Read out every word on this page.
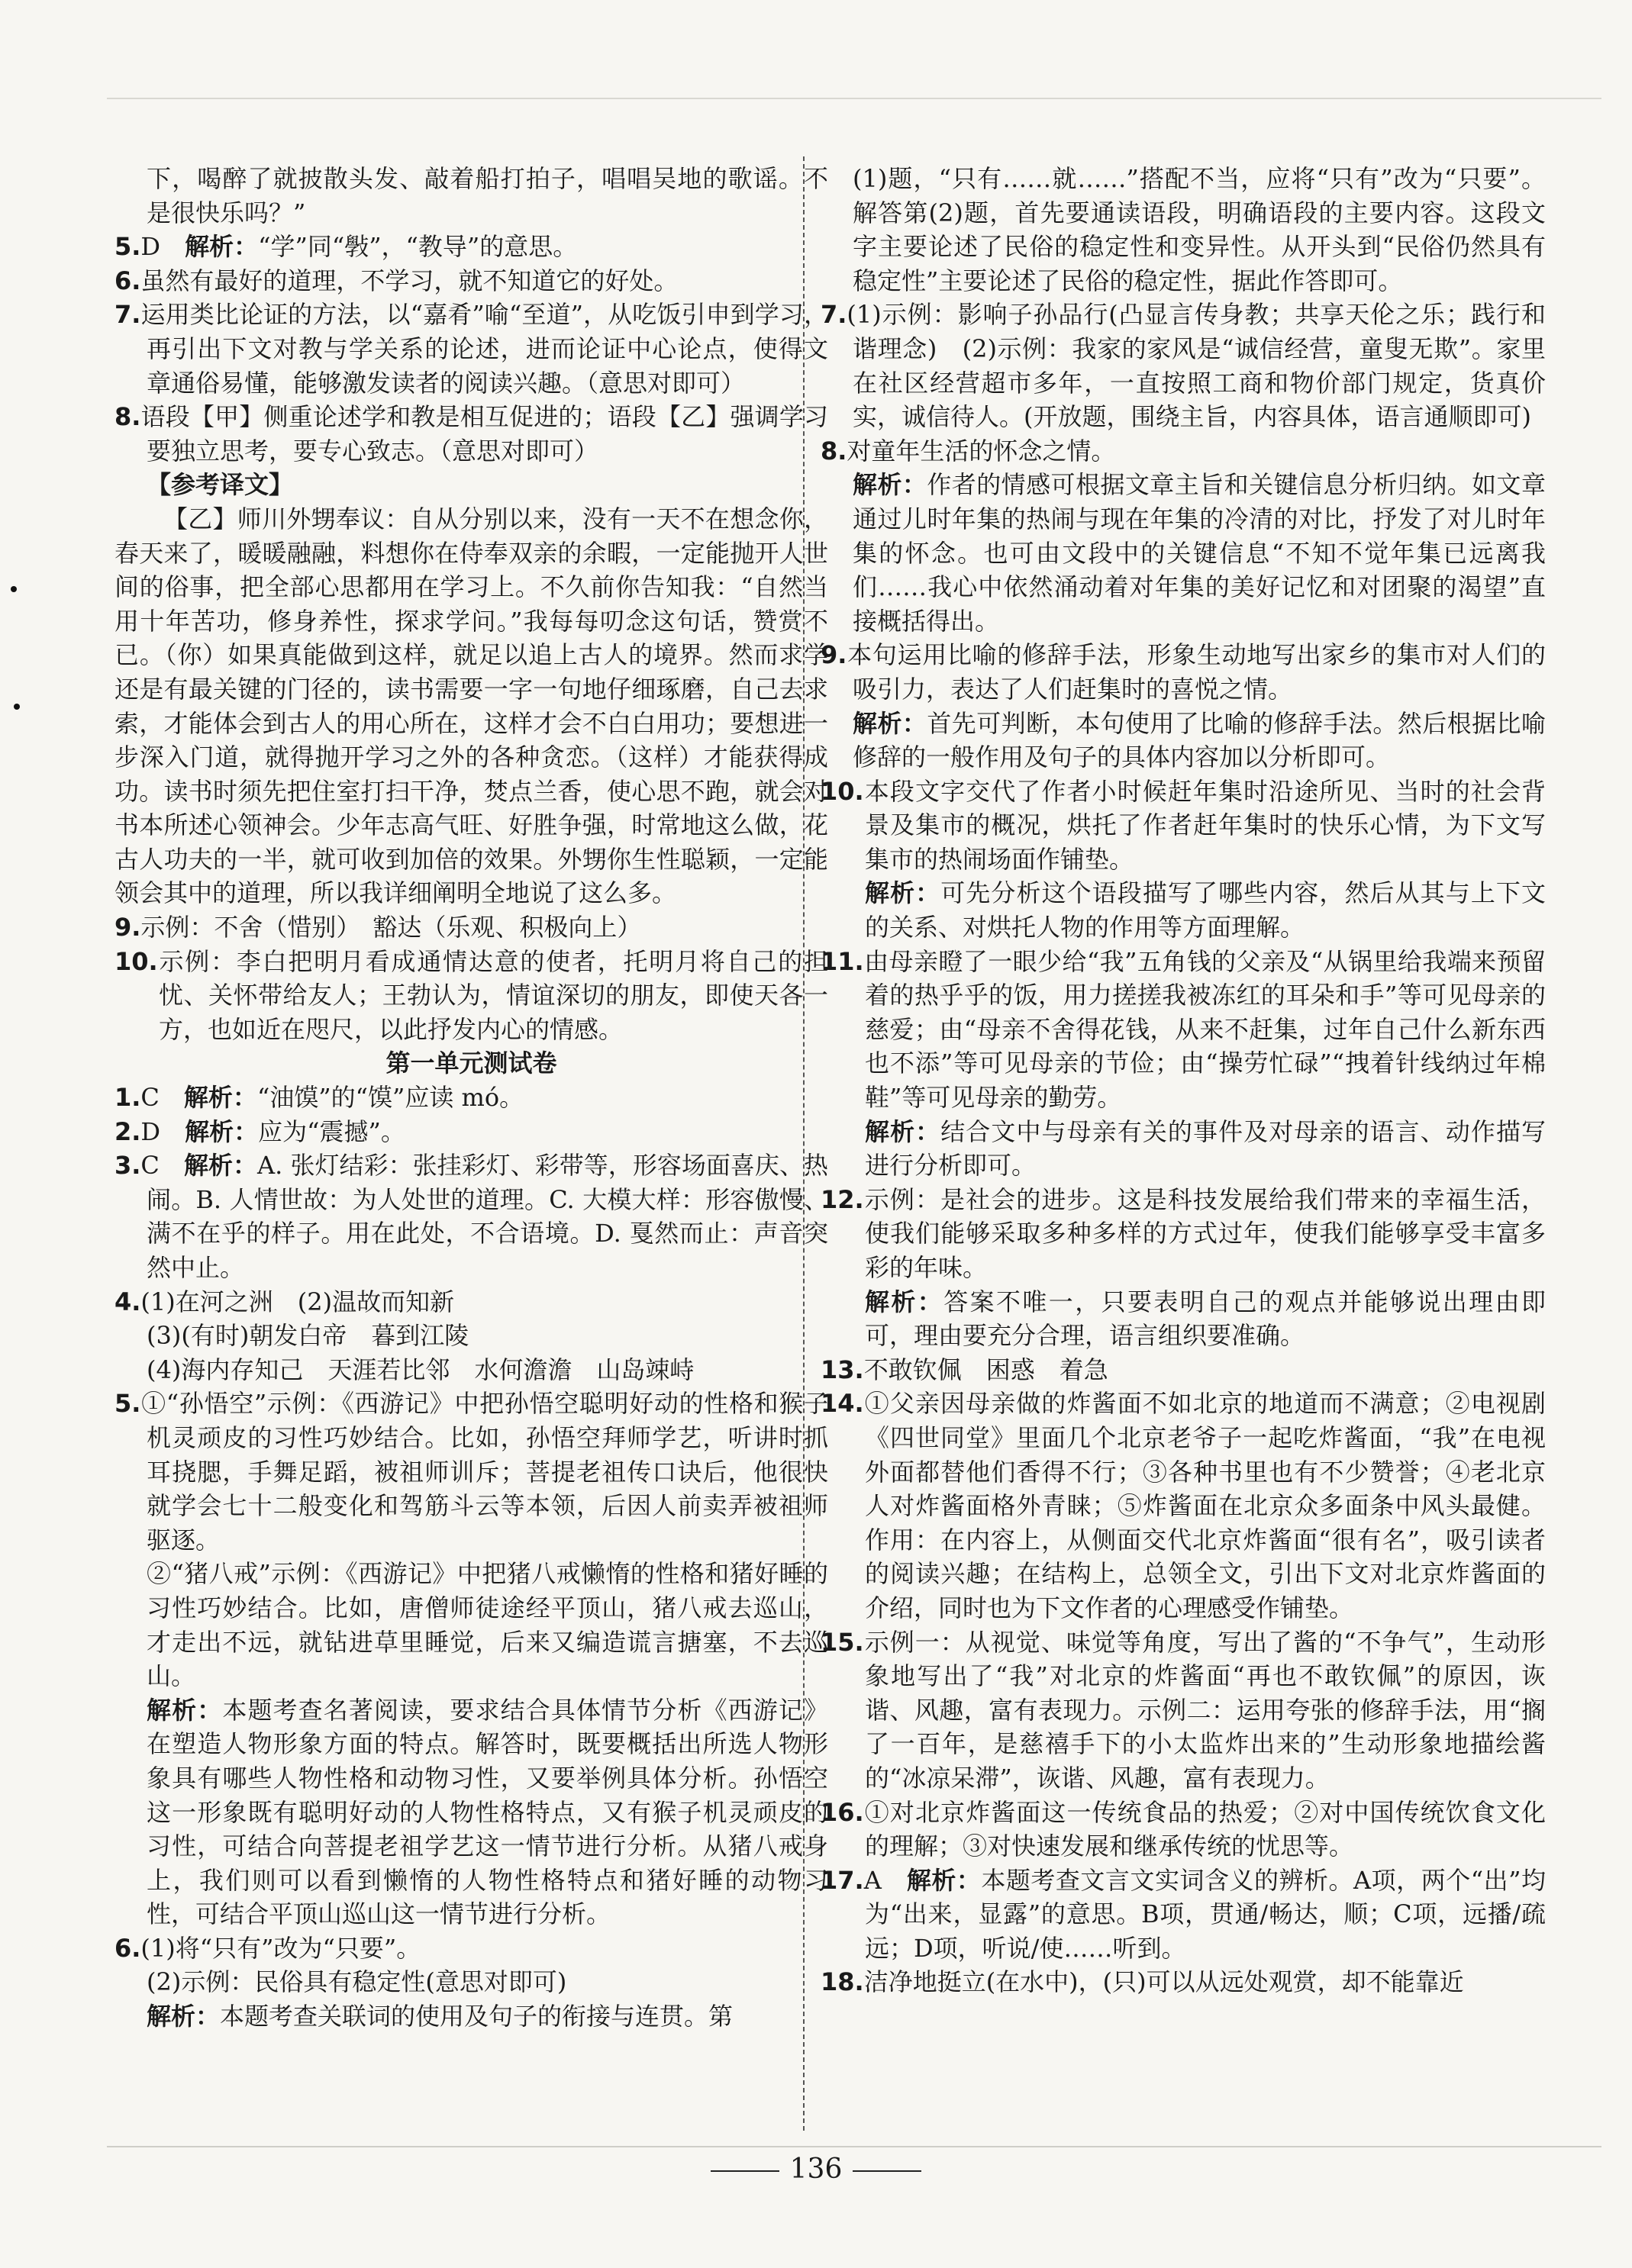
下，喝醉了就披散头发、敲着船打拍子，唱唱吴地的歌谣。不是很快乐吗？”

5.D　解析：“学”同“斅”，“教导”的意思。

6.虽然有最好的道理，不学习，就不知道它的好处。

7.运用类比论证的方法，以“嘉肴”喻“至道”，从吃饭引申到学习，再引出下文对教与学关系的论述，进而论证中心论点，使得文章通俗易懂，能够激发读者的阅读兴趣。（意思对即可）

8.语段【甲】侧重论述学和教是相互促进的；语段【乙】强调学习要独立思考，要专心致志。（意思对即可）

【参考译文】

【乙】师川外甥奉议：自从分别以来，没有一天不在想念你，春天来了，暖暖融融，料想你在侍奉双亲的余暇，一定能抛开人世间的俗事，把全部心思都用在学习上。不久前你告知我：“自然当用十年苦功，修身养性，探求学问。”我每每叨念这句话，赞赏不已。（你）如果真能做到这样，就足以追上古人的境界。然而求学还是有最关键的门径的，读书需要一字一句地仔细琢磨，自己去求索，才能体会到古人的用心所在，这样才会不白白用功；要想进一步深入门道，就得抛开学习之外的各种贪恋。（这样）才能获得成功。读书时须先把住室打扫干净，焚点兰香，使心思不跑，就会对书本所述心领神会。少年志高气旺、好胜争强，时常地这么做，花古人功夫的一半，就可收到加倍的效果。外甥你生性聪颖，一定能领会其中的道理，所以我详细阐明全地说了这么多。

9.示例：不舍（惜别）　豁达（乐观、积极向上）

10.示例：李白把明月看成通情达意的使者，托明月将自己的担忧、关怀带给友人；王勃认为，情谊深切的朋友，即使天各一方，也如近在咫尺，以此抒发内心的情感。

第一单元测试卷

1.C　解析：“油馍”的“馍”应读 mó。

2.D　解析：应为“震撼”。

3.C　解析：A. 张灯结彩：张挂彩灯、彩带等，形容场面喜庆、热闹。B. 人情世故：为人处世的道理。C. 大模大样：形容傲慢、满不在乎的样子。用在此处，不合语境。D. 戛然而止：声音突然中止。

4.(1)在河之洲　(2)温故而知新

(3)(有时)朝发白帝　暮到江陵

(4)海内存知己　天涯若比邻　水何澹澹　山岛竦峙

5.①“孙悟空”示例：《西游记》中把孙悟空聪明好动的性格和猴子机灵顽皮的习性巧妙结合。比如，孙悟空拜师学艺，听讲时抓耳挠腮，手舞足蹈，被祖师训斥；菩提老祖传口诀后，他很快就学会七十二般变化和驾筋斗云等本领，后因人前卖弄被祖师驱逐。

②“猪八戒”示例：《西游记》中把猪八戒懒惰的性格和猪好睡的习性巧妙结合。比如，唐僧师徒途经平顶山，猪八戒去巡山，才走出不远，就钻进草里睡觉，后来又编造谎言搪塞，不去巡山。

解析：本题考查名著阅读，要求结合具体情节分析《西游记》在塑造人物形象方面的特点。解答时，既要概括出所选人物形象具有哪些人物性格和动物习性，又要举例具体分析。孙悟空这一形象既有聪明好动的人物性格特点，又有猴子机灵顽皮的习性，可结合向菩提老祖学艺这一情节进行分析。从猪八戒身上，我们则可以看到懒惰的人物性格特点和猪好睡的动物习性，可结合平顶山巡山这一情节进行分析。

6.(1)将“只有”改为“只要”。

(2)示例：民俗具有稳定性(意思对即可)

解析：本题考查关联词的使用及句子的衔接与连贯。第

(1)题，“只有……就……”搭配不当，应将“只有”改为“只要”。解答第(2)题，首先要通读语段，明确语段的主要内容。这段文字主要论述了民俗的稳定性和变异性。从开头到“民俗仍然具有稳定性”主要论述了民俗的稳定性，据此作答即可。

7.(1)示例：影响子孙品行(凸显言传身教；共享天伦之乐；践行和谐理念)　(2)示例：我家的家风是“诚信经营，童叟无欺”。家里在社区经营超市多年，一直按照工商和物价部门规定，货真价实，诚信待人。(开放题，围绕主旨，内容具体，语言通顺即可)

8.对童年生活的怀念之情。

解析：作者的情感可根据文章主旨和关键信息分析归纳。如文章通过儿时年集的热闹与现在年集的冷清的对比，抒发了对儿时年集的怀念。也可由文段中的关键信息“不知不觉年集已远离我们……我心中依然涌动着对年集的美好记忆和对团聚的渴望”直接概括得出。

9.本句运用比喻的修辞手法，形象生动地写出家乡的集市对人们的吸引力，表达了人们赶集时的喜悦之情。

解析：首先可判断，本句使用了比喻的修辞手法。然后根据比喻修辞的一般作用及句子的具体内容加以分析即可。

10.本段文字交代了作者小时候赶年集时沿途所见、当时的社会背景及集市的概况，烘托了作者赶年集时的快乐心情，为下文写集市的热闹场面作铺垫。

解析：可先分析这个语段描写了哪些内容，然后从其与上下文的关系、对烘托人物的作用等方面理解。

11.由母亲瞪了一眼少给“我”五角钱的父亲及“从锅里给我端来预留着的热乎乎的饭，用力搓搓我被冻红的耳朵和手”等可见母亲的慈爱；由“母亲不舍得花钱，从来不赶集，过年自己什么新东西也不添”等可见母亲的节俭；由“操劳忙碌”“拽着针线纳过年棉鞋”等可见母亲的勤劳。

解析：结合文中与母亲有关的事件及对母亲的语言、动作描写进行分析即可。

12.示例：是社会的进步。这是科技发展给我们带来的幸福生活，使我们能够采取多种多样的方式过年，使我们能够享受丰富多彩的年味。

解析：答案不唯一，只要表明自己的观点并能够说出理由即可，理由要充分合理，语言组织要准确。

13.不敢钦佩　困惑　着急

14.①父亲因母亲做的炸酱面不如北京的地道而不满意；②电视剧《四世同堂》里面几个北京老爷子一起吃炸酱面，“我”在电视外面都替他们香得不行；③各种书里也有不少赞誉；④老北京人对炸酱面格外青睐；⑤炸酱面在北京众多面条中风头最健。作用：在内容上，从侧面交代北京炸酱面“很有名”，吸引读者的阅读兴趣；在结构上，总领全文，引出下文对北京炸酱面的介绍，同时也为下文作者的心理感受作铺垫。

15.示例一：从视觉、味觉等角度，写出了酱的“不争气”，生动形象地写出了“我”对北京的炸酱面“再也不敢钦佩”的原因，诙谐、风趣，富有表现力。示例二：运用夸张的修辞手法，用“搁了一百年，是慈禧手下的小太监炸出来的”生动形象地描绘酱的“冰凉呆滞”，诙谐、风趣，富有表现力。

16.①对北京炸酱面这一传统食品的热爱；②对中国传统饮食文化的理解；③对快速发展和继承传统的忧思等。

17.A　解析：本题考查文言文实词含义的辨析。A项，两个“出”均为“出来，显露”的意思。B项，贯通/畅达，顺；C项，远播/疏远；D项，听说/使……听到。

18.洁净地挺立(在水中)，(只)可以从远处观赏，却不能靠近

136
